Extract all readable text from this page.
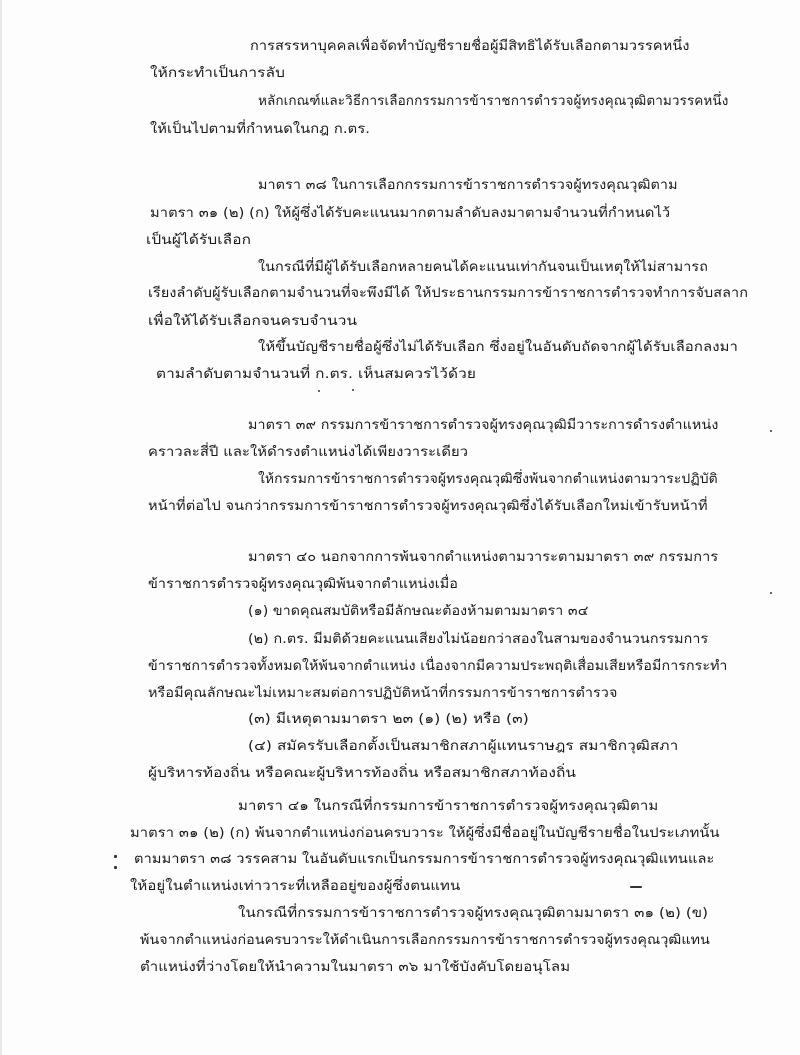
การสรรหาบุคคลเพื่อจัดทำบัญชีรายชื่อผู้มีสิทธิได้รับเลือกตามวรรคหนึ่ง
ให้กระทำเป็นการลับ
หลักเกณฑ์และวิธีการเลือกกรรมการข้าราชการตำรวจผู้ทรงคุณวุฒิตามวรรคหนึ่ง
ให้เป็นไปตามที่กำหนดในกฎ ก.ตร.
มาตรา ๓๘ ในการเลือกกรรมการข้าราชการตำรวจผู้ทรงคุณวุฒิตาม
มาตรา ๓๑ (๒) (ก) ให้ผู้ซึ่งได้รับคะแนนมากตามลำดับลงมาตามจำนวนที่กำหนดไว้
เป็นผู้ได้รับเลือก
ในกรณีที่มีผู้ได้รับเลือกหลายคนได้คะแนนเท่ากันจนเป็นเหตุให้ไม่สามารถ
เรียงลำดับผู้รับเลือกตามจำนวนที่จะพึงมีได้ ให้ประธานกรรมการข้าราชการตำรวจทำการจับสลาก
เพื่อให้ได้รับเลือกจนครบจำนวน
ให้ขึ้นบัญชีรายชื่อผู้ซึ่งไม่ได้รับเลือก ซึ่งอยู่ในอันดับถัดจากผู้ได้รับเลือกลงมา
ตามลำดับตามจำนวนที่ ก.ตร. เห็นสมควรไว้ด้วย
มาตรา ๓๙ กรรมการข้าราชการตำรวจผู้ทรงคุณวุฒิมีวาระการดำรงตำแหน่ง
คราวละสี่ปี และให้ดำรงตำแหน่งได้เพียงวาระเดียว
ให้กรรมการข้าราชการตำรวจผู้ทรงคุณวุฒิซึ่งพ้นจากตำแหน่งตามวาระปฏิบัติ
หน้าที่ต่อไป จนกว่ากรรมการข้าราชการตำรวจผู้ทรงคุณวุฒิซึ่งได้รับเลือกใหม่เข้ารับหน้าที่
มาตรา ๔๐ นอกจากการพ้นจากตำแหน่งตามวาระตามมาตรา ๓๙ กรรมการ
ข้าราชการตำรวจผู้ทรงคุณวุฒิพ้นจากตำแหน่งเมื่อ
(๑) ขาดคุณสมบัติหรือมีลักษณะต้องห้ามตามมาตรา ๓๔
(๒) ก.ตร. มีมติด้วยคะแนนเสียงไม่น้อยกว่าสองในสามของจำนวนกรรมการ
ข้าราชการตำรวจทั้งหมดให้พ้นจากตำแหน่ง เนื่องจากมีความประพฤติเสื่อมเสียหรือมีการกระทำ
หรือมีคุณลักษณะไม่เหมาะสมต่อการปฏิบัติหน้าที่กรรมการข้าราชการตำรวจ
(๓) มีเหตุตามมาตรา ๒๓ (๑) (๒) หรือ (๓)
(๔) สมัครรับเลือกตั้งเป็นสมาชิกสภาผู้แทนราษฎร สมาชิกวุฒิสภา
ผู้บริหารท้องถิ่น หรือคณะผู้บริหารท้องถิ่น หรือสมาชิกสภาท้องถิ่น
มาตรา ๔๑ ในกรณีที่กรรมการข้าราชการตำรวจผู้ทรงคุณวุฒิตาม
มาตรา ๓๑ (๒) (ก) พ้นจากตำแหน่งก่อนครบวาระ ให้ผู้ซึ่งมีชื่ออยู่ในบัญชีรายชื่อในประเภทนั้น
ตามมาตรา ๓๘ วรรคสาม ในอันดับแรกเป็นกรรมการข้าราชการตำรวจผู้ทรงคุณวุฒิแทนและ
ให้อยู่ในตำแหน่งเท่าวาระที่เหลืออยู่ของผู้ซึ่งตนแทน
ในกรณีที่กรรมการข้าราชการตำรวจผู้ทรงคุณวุฒิตามมาตรา ๓๑ (๒) (ข)
พ้นจากตำแหน่งก่อนครบวาระให้ดำเนินการเลือกกรรมการข้าราชการตำรวจผู้ทรงคุณวุฒิแทน
ตำแหน่งที่ว่างโดยให้นำความในมาตรา ๓๖ มาใช้บังคับโดยอนุโลม
